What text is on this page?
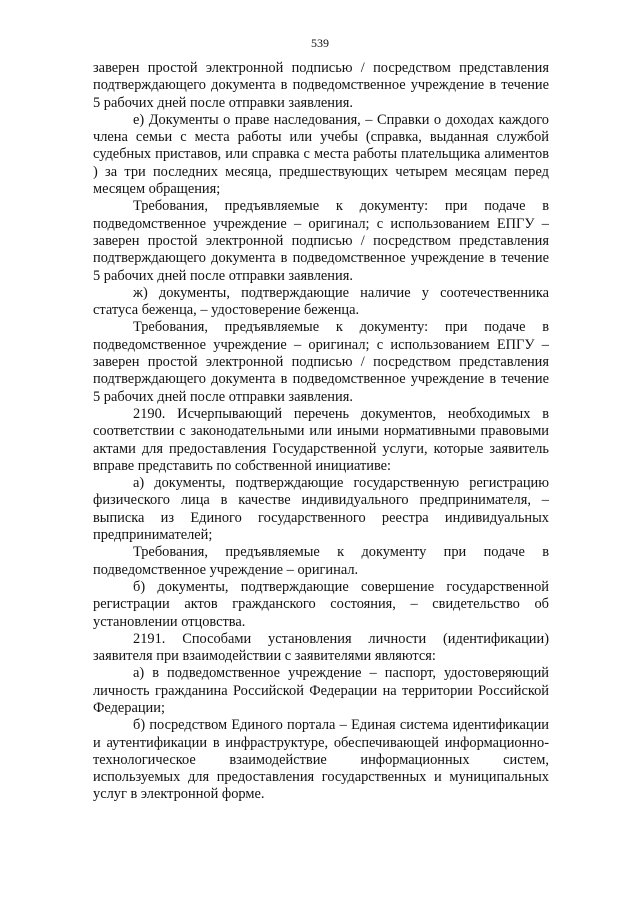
539

заверен простой электронной подписью / посредством представления подтверждающего документа в подведомственное учреждение в течение 5 рабочих дней после отправки заявления.

е) Документы о праве наследования, – Справки о доходах каждого члена семьи с места работы или учебы (справка, выданная службой судебных приставов, или справка с места работы плательщика алиментов ) за три последних месяца, предшествующих четырем месяцам перед месяцем обращения;

Требования, предъявляемые к документу: при подаче в подведомственное учреждение – оригинал; с использованием ЕПГУ – заверен простой электронной подписью / посредством представления подтверждающего документа в подведомственное учреждение в течение 5 рабочих дней после отправки заявления.

ж) документы, подтверждающие наличие у соотечественника статуса беженца, – удостоверение беженца.

Требования, предъявляемые к документу: при подаче в подведомственное учреждение – оригинал; с использованием ЕПГУ – заверен простой электронной подписью / посредством представления подтверждающего документа в подведомственное учреждение в течение 5 рабочих дней после отправки заявления.

2190. Исчерпывающий перечень документов, необходимых в соответствии с законодательными или иными нормативными правовыми актами для предоставления Государственной услуги, которые заявитель вправе представить по собственной инициативе:

а) документы, подтверждающие государственную регистрацию физического лица в качестве индивидуального предпринимателя, – выписка из Единого государственного реестра индивидуальных предпринимателей;

Требования, предъявляемые к документу при подаче в подведомственное учреждение – оригинал.

б) документы, подтверждающие совершение государственной регистрации актов гражданского состояния, – свидетельство об установлении отцовства.

2191. Способами установления личности (идентификации) заявителя при взаимодействии с заявителями являются:

а) в подведомственное учреждение – паспорт, удостоверяющий личность гражданина Российской Федерации на территории Российской Федерации;

б) посредством Единого портала – Единая система идентификации и аутентификации в инфраструктуре, обеспечивающей информационно-технологическое взаимодействие информационных систем, используемых для предоставления государственных и муниципальных услуг в электронной форме.
